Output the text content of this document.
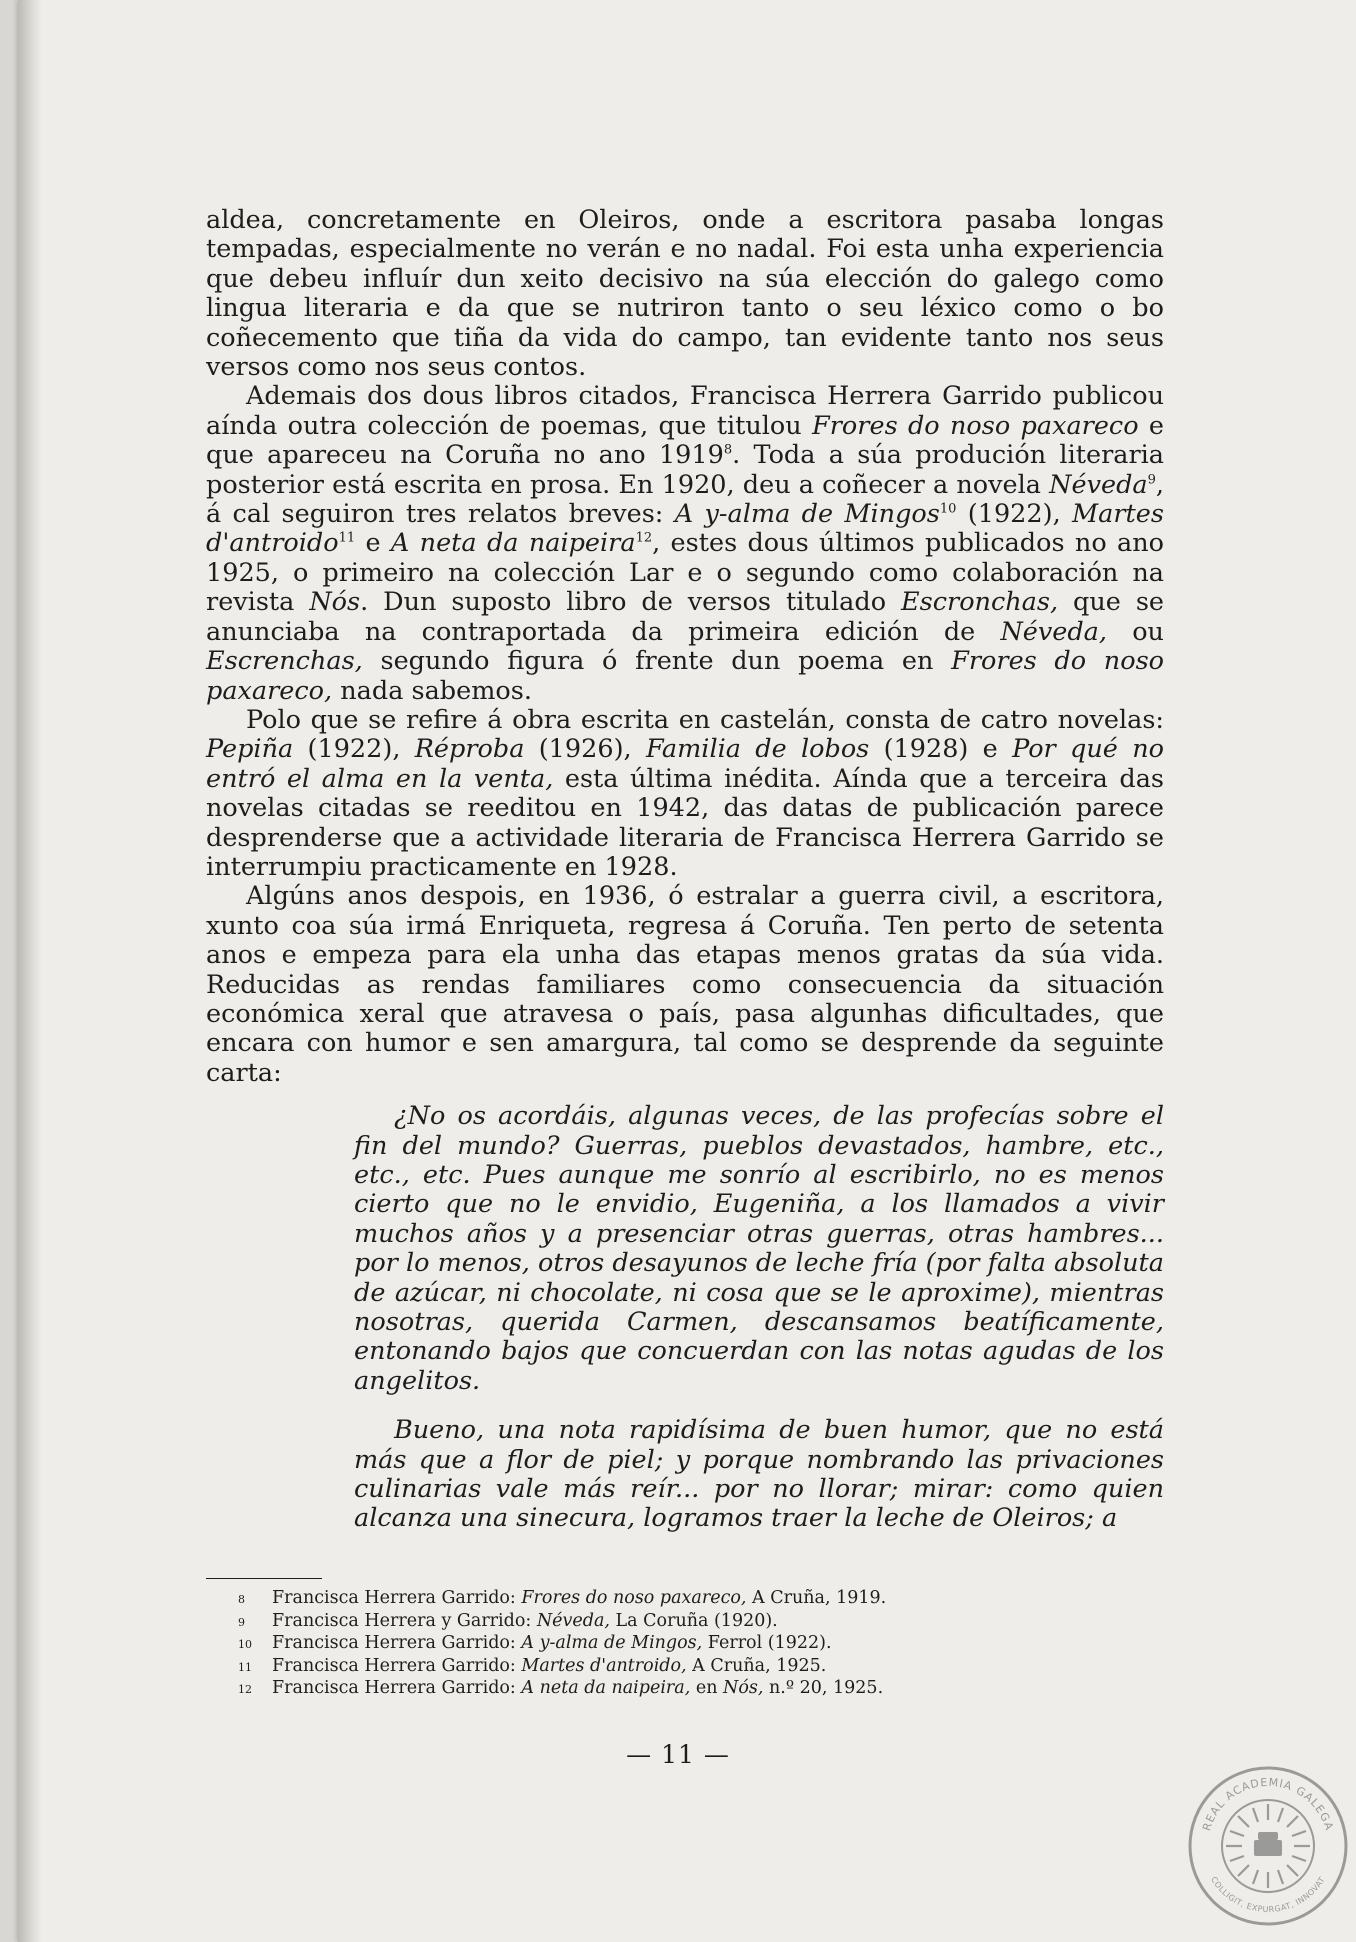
aldea, concretamente en Oleiros, onde a escritora pasaba longas tempadas, especialmente no verán e no nadal. Foi esta unha experiencia que debeu influír dun xeito decisivo na súa elección do galego como lingua literaria e da que se nutriron tanto o seu léxico como o bo coñecemento que tiña da vida do campo, tan evidente tanto nos seus versos como nos seus contos.

Ademais dos dous libros citados, Francisca Herrera Garrido publicou aínda outra colección de poemas, que titulou Frores do noso paxareco e que apareceu na Coruña no ano 1919$^8$. Toda a súa produción literaria posterior está escrita en prosa. En 1920, deu a coñecer a novela Néveda$^9$, á cal seguiron tres relatos breves: A y-alma de Mingos$^{10}$ (1922), Martes d'antroido$^{11}$ e A neta da naipeira$^{12}$, estes dous últimos publicados no ano 1925, o primeiro na colección Lar e o segundo como colaboración na revista Nós. Dun suposto libro de versos titulado Escronchas, que se anunciaba na contraportada da primeira edición de Néveda, ou Escrenchas, segundo figura ó frente dun poema en Frores do noso paxareco, nada sabemos.

Polo que se refire á obra escrita en castelán, consta de catro novelas: Pepiña (1922), Réproba (1926), Familia de lobos (1928) e Por qué no entró el alma en la venta, esta última inédita. Aínda que a terceira das novelas citadas se reeditou en 1942, das datas de publicación parece desprenderse que a actividade literaria de Francisca Herrera Garrido se interrumpiu practicamente en 1928.

Algúns anos despois, en 1936, ó estralar a guerra civil, a escritora, xunto coa súa irmá Enriqueta, regresa á Coruña. Ten perto de setenta anos e empeza para ela unha das etapas menos gratas da súa vida. Reducidas as rendas familiares como consecuencia da situación económica xeral que atravesa o país, pasa algunhas dificultades, que encara con humor e sen amargura, tal como se desprende da seguinte carta:

¿No os acordáis, algunas veces, de las profecías sobre el fin del mundo? Guerras, pueblos devastados, hambre, etc., etc., etc. Pues aunque me sonrío al escribirlo, no es menos cierto que no le envidio, Eugeniña, a los llamados a vivir muchos años y a presenciar otras guerras, otras hambres... por lo menos, otros desayunos de leche fría (por falta absoluta de azúcar, ni chocolate, ni cosa que se le aproxime), mientras nosotras, querida Carmen, descansamos beatíficamente, entonando bajos que concuerdan con las notas agudas de los angelitos.

Bueno, una nota rapidísima de buen humor, que no está más que a flor de piel; y porque nombrando las privaciones culinarias vale más reír... por no llorar; mirar: como quien alcanza una sinecura, logramos traer la leche de Oleiros; a

8	Francisca Herrera Garrido: Frores do noso paxareco, A Cruña, 1919.
9	Francisca Herrera y Garrido: Néveda, La Coruña (1920).
10	Francisca Herrera Garrido: A y-alma de Mingos, Ferrol (1922).
11	Francisca Herrera Garrido: Martes d'antroido, A Cruña, 1925.
12	Francisca Herrera Garrido: A neta da naipeira, en Nós, n.º 20, 1925.
— 11 —
REAL ACADEMIA GALEGA
COLLIGIT, EXPURGAT, INNOVAT
